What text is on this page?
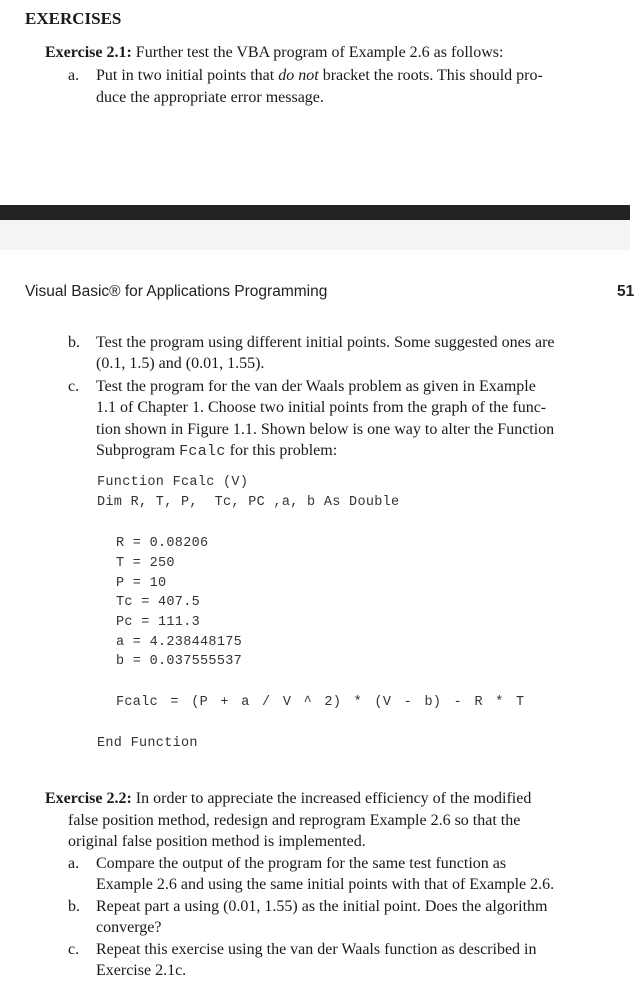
EXERCISES
Exercise 2.1: Further test the VBA program of Example 2.6 as follows:
a. Put in two initial points that do not bracket the roots. This should pro-
duce the appropriate error message.
Visual Basic® for Applications Programming	51
b. Test the program using different initial points. Some suggested ones are
(0.1, 1.5) and (0.01, 1.55).
c. Test the program for the van der Waals problem as given in Example
1.1 of Chapter 1. Choose two initial points from the graph of the func-
tion shown in Figure 1.1. Shown below is one way to alter the Function
Subprogram Fcalc for this problem:
Function Fcalc (V)
Dim R, T, P,  Tc, PC ,a, b As Double
R = 0.08206
T = 250
P = 10
Tc = 407.5
Pc = 111.3
a = 4.238448175
b = 0.037555537
Fcalc = (P + a / V ^ 2) * (V - b) - R * T
End Function
Exercise 2.2: In order to appreciate the increased efficiency of the modified
false position method, redesign and reprogram Example 2.6 so that the
original false position method is implemented.
a. Compare the output of the program for the same test function as
Example 2.6 and using the same initial points with that of Example 2.6.
b. Repeat part a using (0.01, 1.55) as the initial point. Does the algorithm
converge?
c. Repeat this exercise using the van der Waals function as described in
Exercise 2.1c.
